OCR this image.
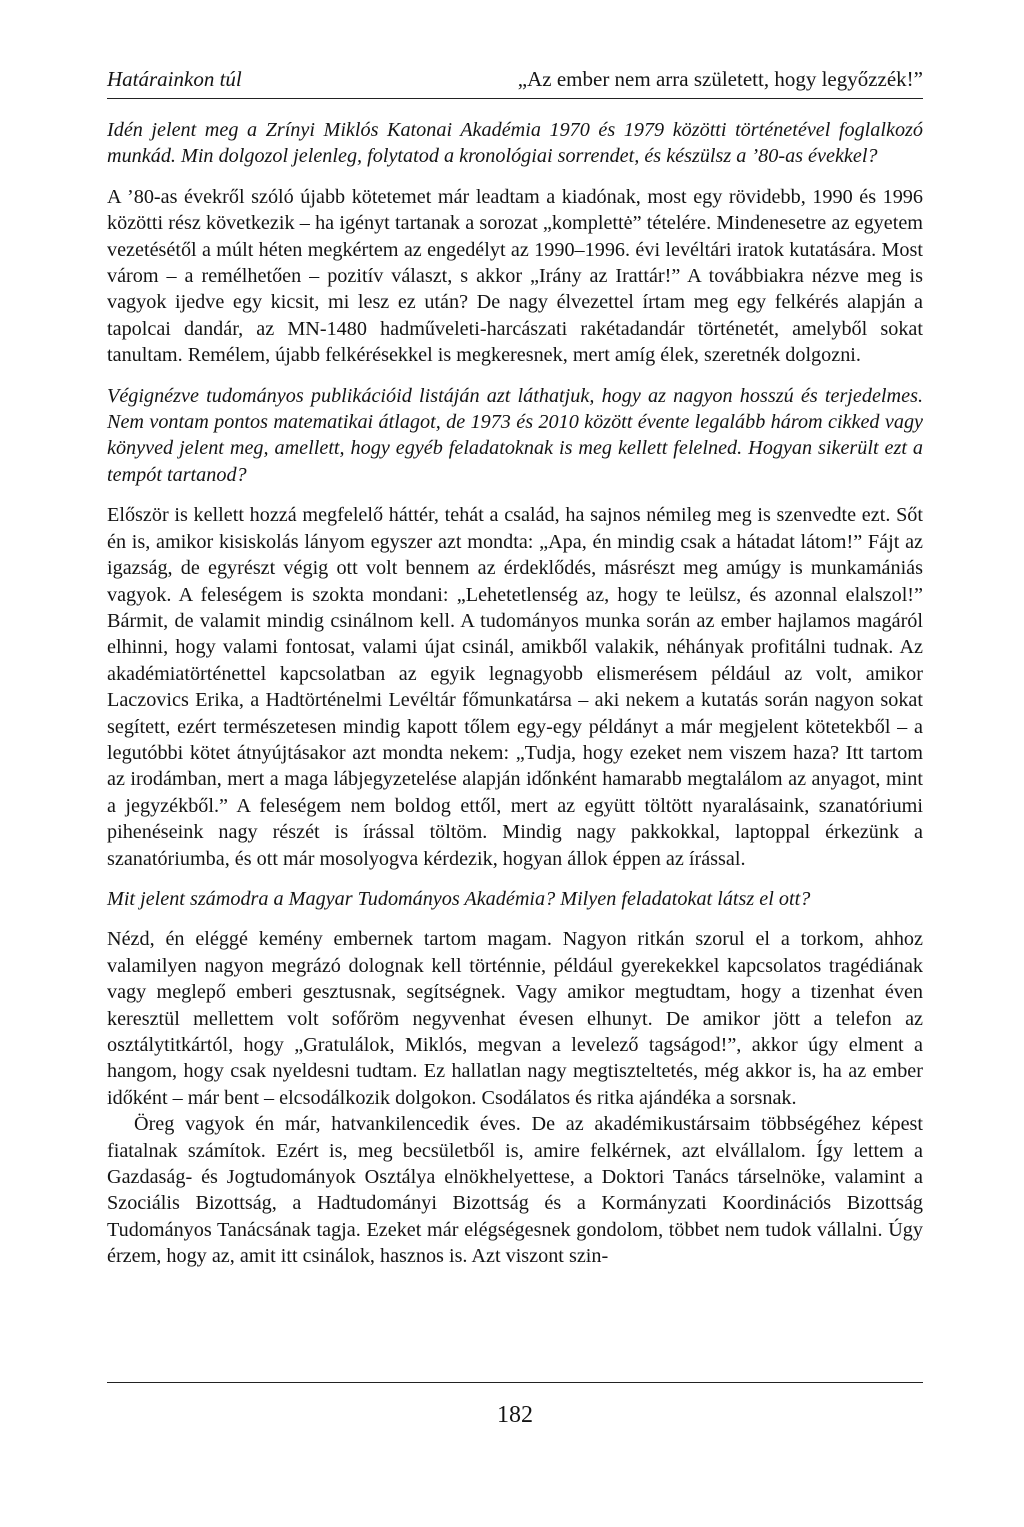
Határainkon túl	„Az ember nem arra született, hogy legyőzzék!”

Idén jelent meg a Zrínyi Miklós Katonai Akadémia 1970 és 1979 közötti történetével foglalkozó munkád. Min dolgozol jelenleg, folytatod a kronológiai sorrendet, és készülsz a ’80-as évekkel?

A ’80-as évekről szóló újabb kötetemet már leadtam a kiadónak, most egy rövidebb, 1990 és 1996 közötti rész következik – ha igényt tartanak a sorozat „komplettė” tételére. Mindenesetre az egyetem vezetésétől a múlt héten megkértem az engedélyt az 1990–1996. évi levéltári iratok kutatására. Most várom – a remélhetően – pozitív választ, s akkor „Irány az Irattár!” A továbbiakra nézve meg is vagyok ijedve egy kicsit, mi lesz ez után? De nagy élvezettel írtam meg egy felkérés alapján a tapolcai dandár, az MN-1480 hadműveleti-harcászati rakétadandár történetét, amelyből sokat tanultam. Remélem, újabb felkérésekkel is megkeresnek, mert amíg élek, szeretnék dolgozni.

Végignézve tudományos publikációid listáján azt láthatjuk, hogy az nagyon hosszú és terjedelmes. Nem vontam pontos matematikai átlagot, de 1973 és 2010 között évente legalább három cikked vagy könyved jelent meg, amellett, hogy egyéb feladatoknak is meg kellett felelned. Hogyan sikerült ezt a tempót tartanod?

Először is kellett hozzá megfelelő háttér, tehát a család, ha sajnos némileg meg is szenvedte ezt. Sőt én is, amikor kisiskolás lányom egyszer azt mondta: „Apa, én mindig csak a hátadat látom!” Fájt az igazság, de egyrészt végig ott volt bennem az érdeklődés, másrészt meg amúgy is munkamániás vagyok. A feleségem is szokta mondani: „Lehetetlenség az, hogy te leülsz, és azonnal elalszol!” Bármit, de valamit mindig csinálnom kell. A tudományos munka során az ember hajlamos magáról elhinni, hogy valami fontosat, valami újat csinál, amikből valakik, néhányak profitálni tudnak. Az akadémiatörténettel kapcsolatban az egyik legnagyobb elismerésem például az volt, amikor Laczovics Erika, a Hadtörténelmi Levéltár főmunkatársa – aki nekem a kutatás során nagyon sokat segített, ezért természetesen mindig kapott tőlem egy-egy példányt a már megjelent kötetekből – a legutóbbi kötet átnyújtásakor azt mondta nekem: „Tudja, hogy ezeket nem viszem haza? Itt tartom az irodámban, mert a maga lábjegyzetelése alapján időnként hamarabb megtalálom az anyagot, mint a jegyzékből.” A feleségem nem boldog ettől, mert az együtt töltött nyaralásaink, szanatóriumi pihenéseink nagy részét is írással töltöm. Mindig nagy pakkokkal, laptoppal érkezünk a szanatóriumba, és ott már mosolyogva kérdezik, hogyan állok éppen az írással.

Mit jelent számodra a Magyar Tudományos Akadémia? Milyen feladatokat látsz el ott?

Nézd, én eléggé kemény embernek tartom magam. Nagyon ritkán szorul el a torkom, ahhoz valamilyen nagyon megrázó dolognak kell történnie, például gyerekekkel kapcsolatos tragédiának vagy meglepő emberi gesztusnak, segítségnek. Vagy amikor megtudtam, hogy a tizenhat éven keresztül mellettem volt sofőröm negyvenhat évesen elhunyt. De amikor jött a telefon az osztálytitkártól, hogy „Gratulálok, Miklós, megvan a levelező tagságod!”, akkor úgy elment a hangom, hogy csak nyeldesni tudtam. Ez hallatlan nagy megtiszteltetés, még akkor is, ha az ember időként – már bent – elcsodálkozik dolgokon. Csodálatos és ritka ajándéka a sorsnak.

Öreg vagyok én már, hatvankilencedik éves. De az akadémikustársaim többségéhez képest fiatalnak számítok. Ezért is, meg becsületből is, amire felkérnek, azt elvállalom. Így lettem a Gazdaság- és Jogtudományok Osztálya elnökhelyettese, a Doktori Tanács társelnöke, valamint a Szociális Bizottság, a Hadtudományi Bizottság és a Kormányzati Koordinációs Bizottság Tudományos Tanácsának tagja. Ezeket már elégségesnek gondolom, többet nem tudok vállalni. Úgy érzem, hogy az, amit itt csinálok, hasznos is. Azt viszont szin-

182
